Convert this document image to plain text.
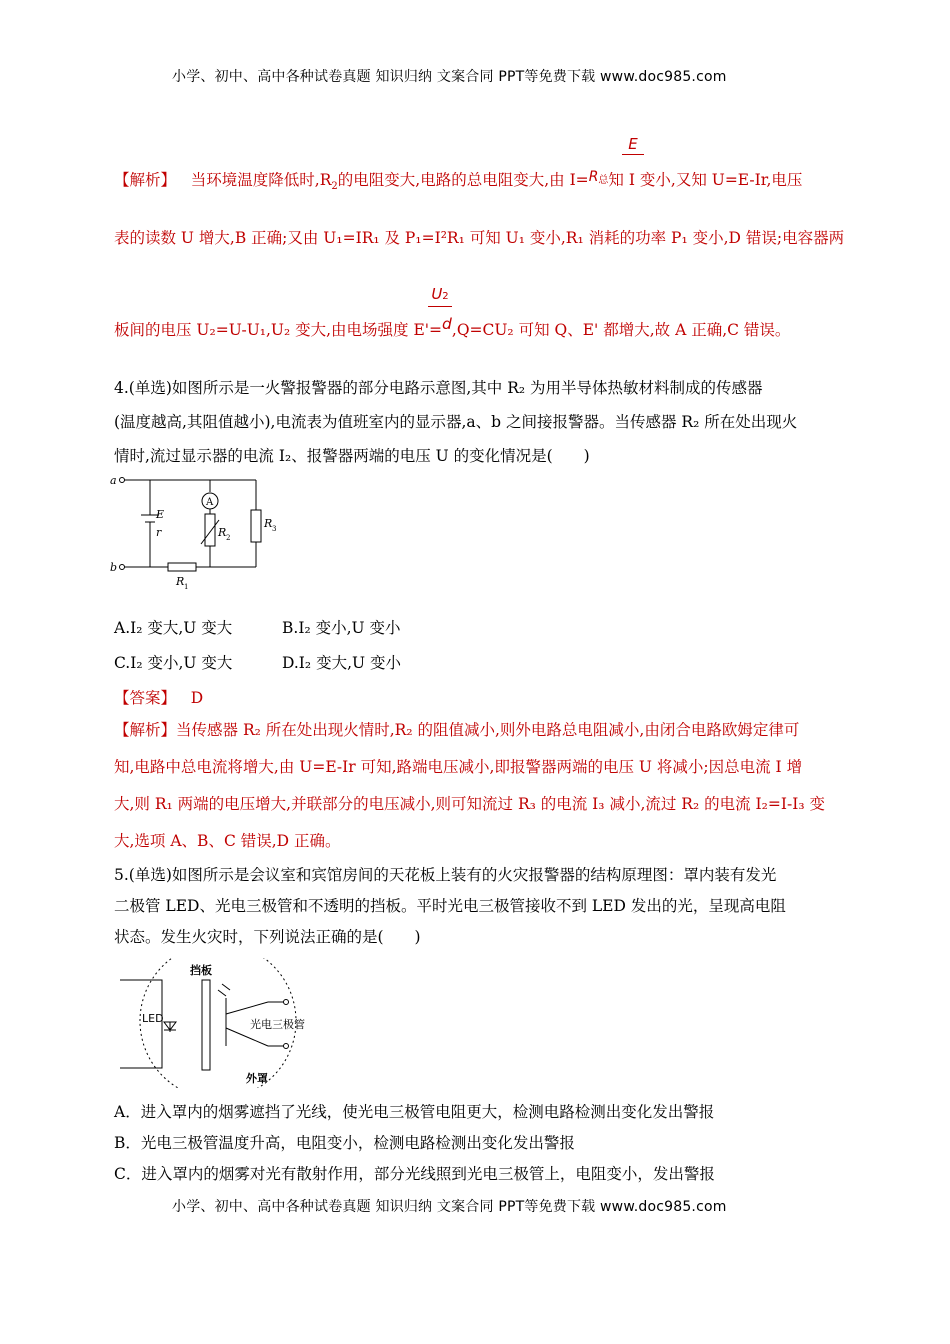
小学、初中、高中各种试卷真题 知识归纳 文案合同 PPT等免费下载 www.doc985.com
E
【解析】 当环境温度降低时$,R_2$的电阻变大,电路的总电阻变大,由 I=R总知 I 变小,又知 U=E-Ir,电压
表的读数 U 增大,B 正确;又由 U₁=IR₁ 及 P₁=I²R₁ 可知 U₁ 变小,R₁ 消耗的功率 P₁ 变小,D 错误;电容器两
U2
板间的电压 U₂=U-U₁,U₂ 变大,由电场强度 E'=d,Q=CU₂ 可知 Q、E' 都增大,故 A 正确,C 错误。
4.(单选)如图所示是一火警报警器的部分电路示意图,其中 R₂ 为用半导体热敏材料制成的传感器
(温度越高,其阻值越小),电流表为值班室内的显示器,a、b 之间接报警器。当传感器 R₂ 所在处出现火
情时,流过显示器的电流 I₂、报警器两端的电压 U 的变化情况是(　　)
a
b
E
r
A
R 2
R 3
R 1
A.I₂ 变大,U 变大	B.I₂ 变小,U 变小
C.I₂ 变小,U 变大	D.I₂ 变大,U 变小
【答案】 D
【解析】当传感器 R₂ 所在处出现火情时,R₂ 的阻值减小,则外电路总电阻减小,由闭合电路欧姆定律可
知,电路中总电流将增大,由 U=E-Ir 可知,路端电压减小,即报警器两端的电压 U 将减小;因总电流 I 增
大,则 R₁ 两端的电压增大,并联部分的电压减小,则可知流过 R₃ 的电流 I₃ 减小,流过 R₂ 的电流 I₂=I-I₃ 变
大,选项 A、B、C 错误,D 正确。
5.(单选)如图所示是会议室和宾馆房间的天花板上装有的火灾报警器的结构原理图：罩内装有发光
二极管 LED、光电三极管和不透明的挡板。平时光电三极管接收不到 LED 发出的光，呈现高电阻
状态。发生火灾时，下列说法正确的是(　　)
挡板
LED	光电三极管
外罩
A．进入罩内的烟雾遮挡了光线，使光电三极管电阻更大，检测电路检测出变化发出警报
B．光电三极管温度升高，电阻变小，检测电路检测出变化发出警报
C．进入罩内的烟雾对光有散射作用，部分光线照到光电三极管上，电阻变小，发出警报
小学、初中、高中各种试卷真题 知识归纳 文案合同 PPT等免费下载 www.doc985.com
